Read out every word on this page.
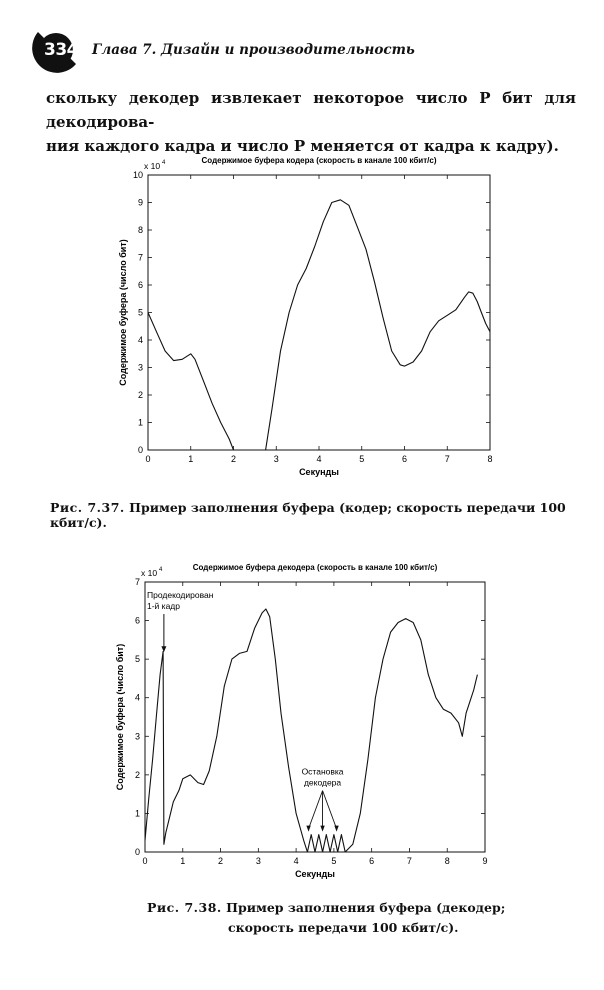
334 Глава 7. Дизайн и производительность
скольку декодер извлекает некоторое число P бит для декодирова-
ния каждого кадра и число P меняется от кадра к кадру).
Содержимое буфера кодера (скорость в канале 100 кбит/с)
x 10 4
0	1	2	3	4	5	6	7	8
0
1
2
3
4
5
6
7
8
9
10
Секунды
Содержимое буфера (число бит)
Рис. 7.37. Пример заполнения буфера (кодер; скорость передачи 100 кбит/с).
Содержимое буфера декодера (скорость в канале 100 кбит/с)
x 10 4
0	1	2	3	4	5	6	7	8	9
0
1
2
3
4
5
6
7
Секунды
Содержимое буфера (число бит)
Продекодирован
1-й кадр
Остановка
декодера
Рис. 7.38. Пример заполнения буфера (декодер;
скорость передачи 100 кбит/с).
